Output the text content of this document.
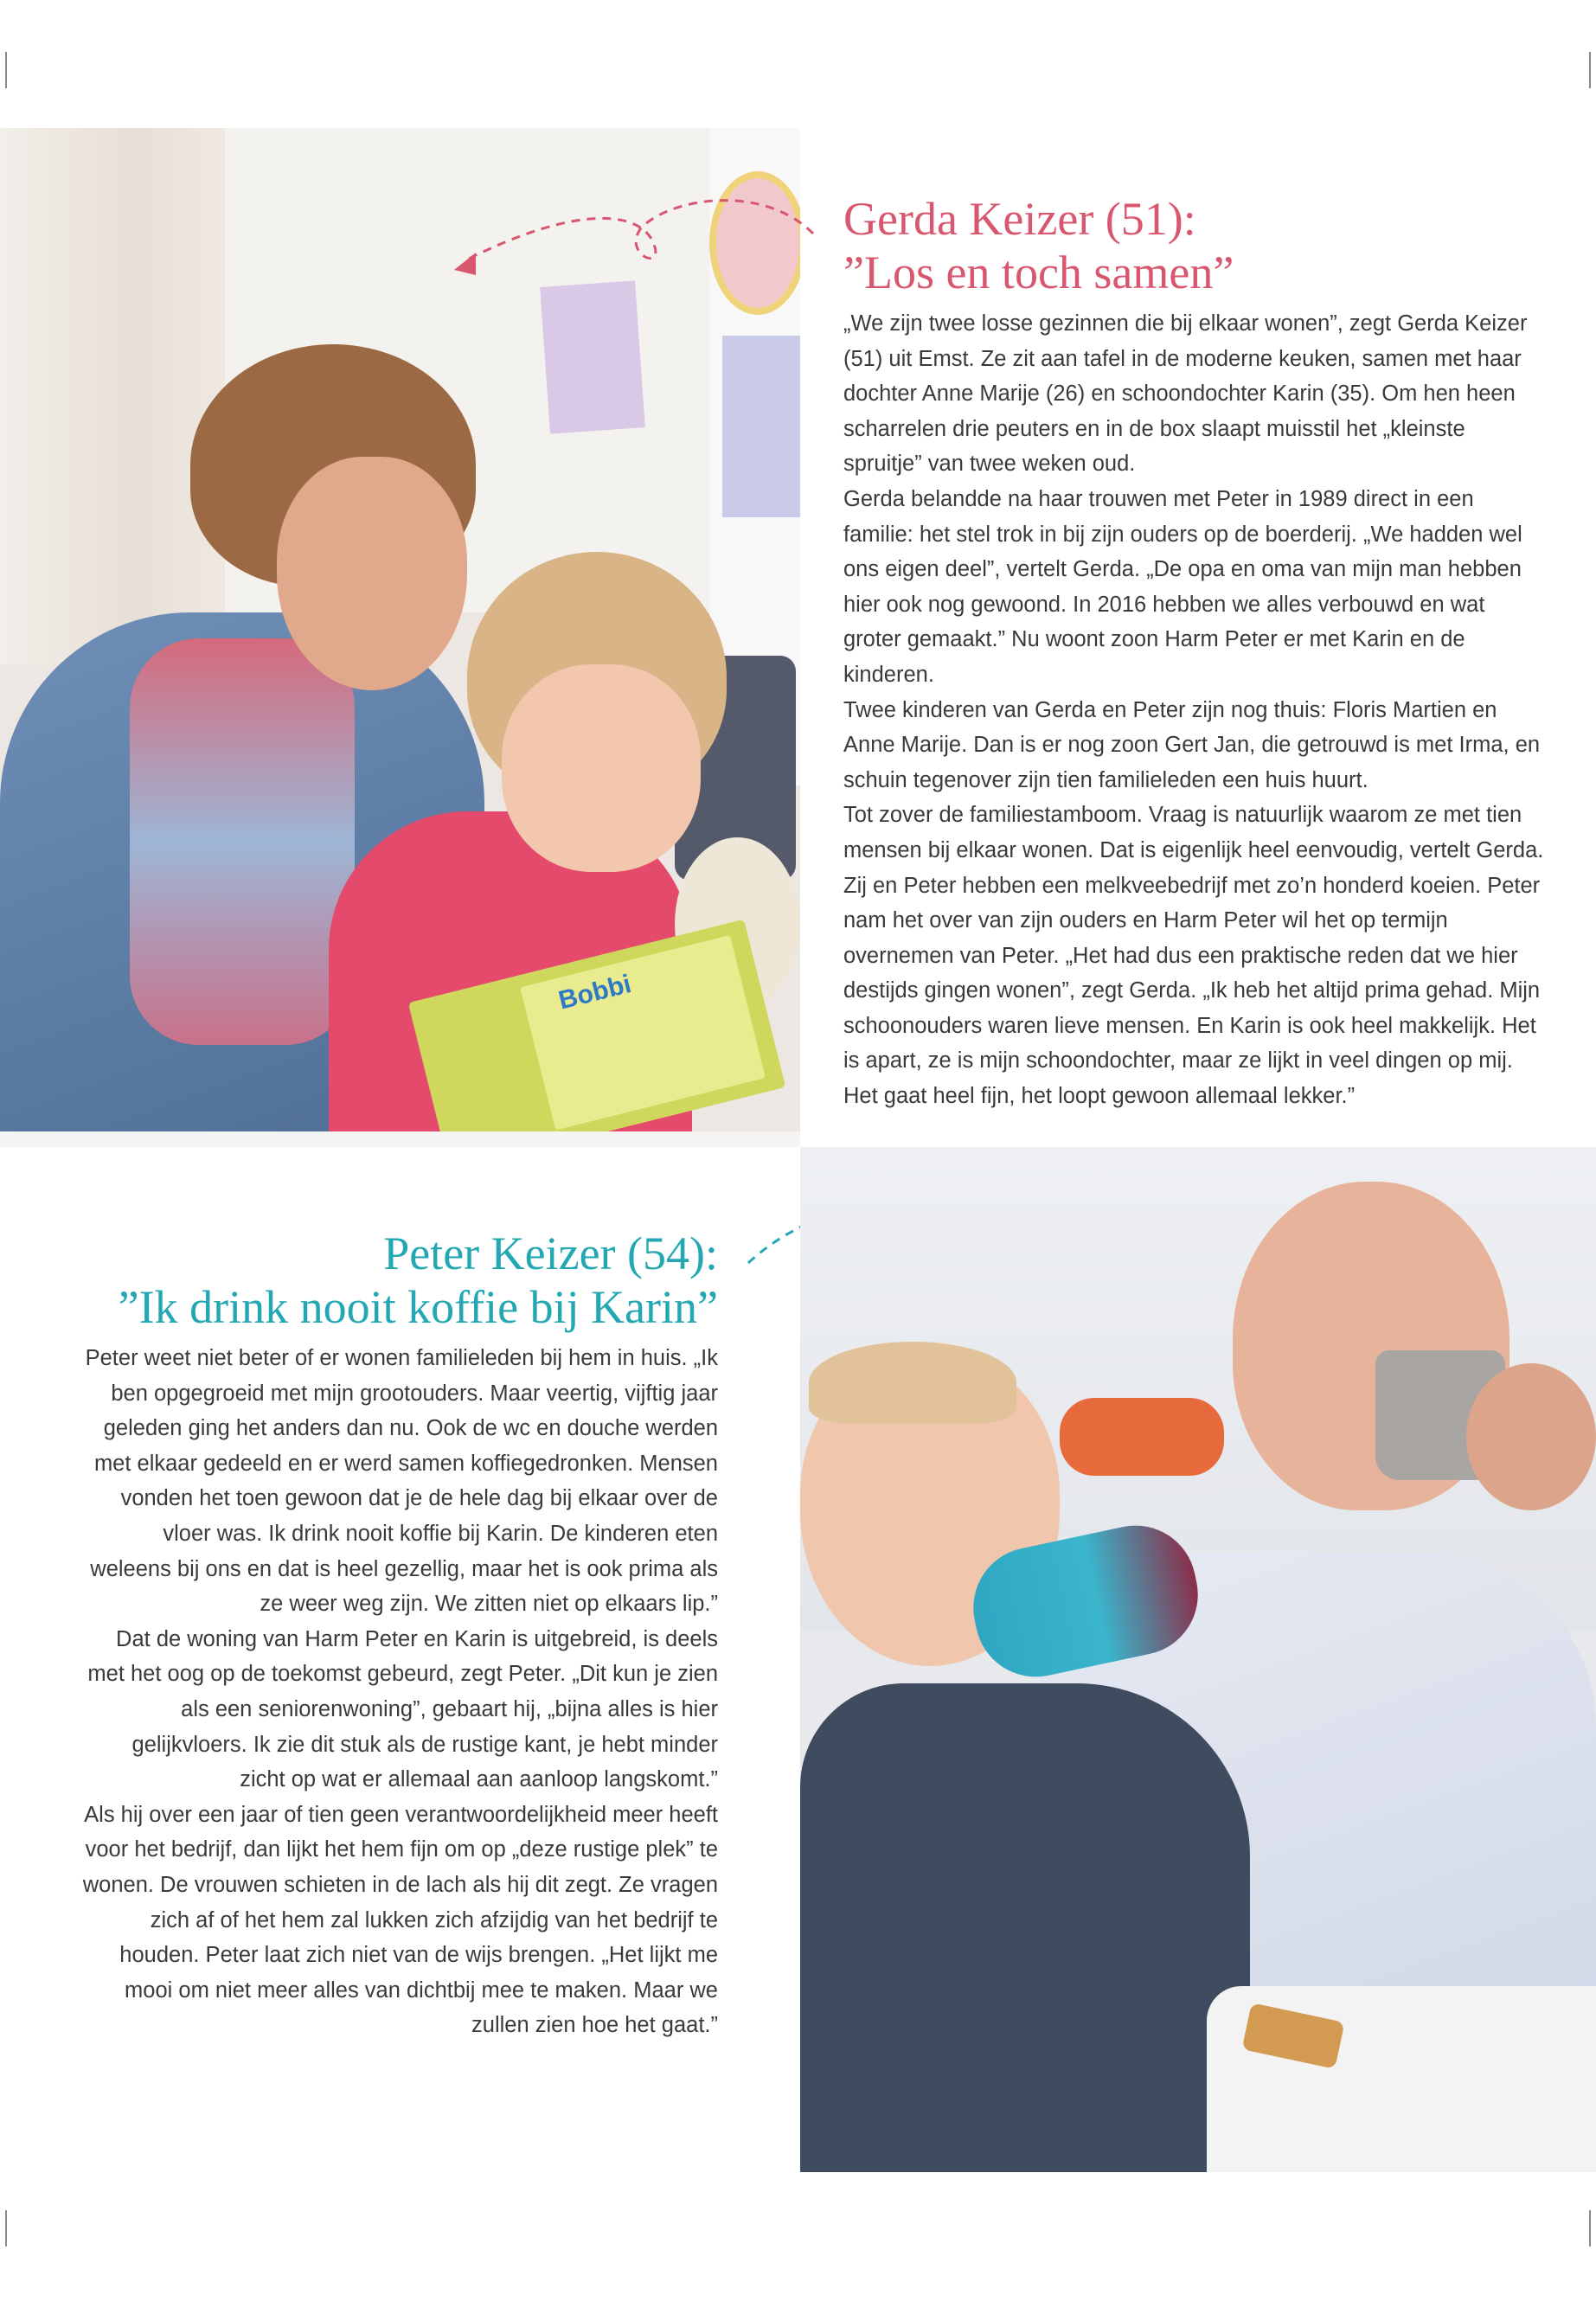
Bobbi
Gerda Keizer (51):
”Los en toch samen”

„We zijn twee losse gezinnen die bij elkaar wonen”, zegt Gerda Keizer (51) uit Emst. Ze zit aan tafel in de moderne keuken, samen met haar dochter Anne Marije (26) en schoondochter Karin (35). Om hen heen scharrelen drie peuters en in de box slaapt muisstil het „kleinste spruitje” van twee weken oud.

Gerda belandde na haar trouwen met Peter in 1989 direct in een familie: het stel trok in bij zijn ouders op de boerderij. „We hadden wel ons eigen deel”, vertelt Gerda. „De opa en oma van mijn man hebben hier ook nog gewoond. In 2016 hebben we alles verbouwd en wat groter gemaakt.” Nu woont zoon Harm Peter er met Karin en de kinderen.

Twee kinderen van Gerda en Peter zijn nog thuis: Floris Martien en Anne Marije. Dan is er nog zoon Gert Jan, die getrouwd is met Irma, en schuin tegenover zijn tien familieleden een huis huurt.

Tot zover de familiestamboom. Vraag is natuurlijk waarom ze met tien mensen bij elkaar wonen. Dat is eigenlijk heel eenvoudig, vertelt Gerda. Zij en Peter hebben een melkveebedrijf met zo’n honderd koeien. Peter nam het over van zijn ouders en Harm Peter wil het op termijn overnemen van Peter. „Het had dus een praktische reden dat we hier destijds gingen wonen”, zegt Gerda. „Ik heb het altijd prima gehad. Mijn schoonouders waren lieve mensen. En Karin is ook heel makkelijk. Het is apart, ze is mijn schoondochter, maar ze lijkt in veel dingen op mij. Het gaat heel fijn, het loopt gewoon allemaal lekker.”

Peter Keizer (54):
”Ik drink nooit koffie bij Karin”

Peter weet niet beter of er wonen familieleden bij hem in huis. „Ik ben opgegroeid met mijn grootouders. Maar veertig, vijftig jaar geleden ging het anders dan nu. Ook de wc en douche werden met elkaar gedeeld en er werd samen koffiegedronken. Mensen vonden het toen gewoon dat je de hele dag bij elkaar over de vloer was. Ik drink nooit koffie bij Karin. De kinderen eten weleens bij ons en dat is heel gezellig, maar het is ook prima als ze weer weg zijn. We zitten niet op elkaars lip.”

Dat de woning van Harm Peter en Karin is uitgebreid, is deels met het oog op de toekomst gebeurd, zegt Peter. „Dit kun je zien als een seniorenwoning”, gebaart hij, „bijna alles is hier gelijkvloers. Ik zie dit stuk als de rustige kant, je hebt minder zicht op wat er allemaal aan aanloop langskomt.”

Als hij over een jaar of tien geen verantwoordelijkheid meer heeft voor het bedrijf, dan lijkt het hem fijn om op „deze rustige plek” te wonen. De vrouwen schieten in de lach als hij dit zegt. Ze vragen zich af of het hem zal lukken zich afzijdig van het bedrijf te houden. Peter laat zich niet van de wijs brengen. „Het lijkt me mooi om niet meer alles van dichtbij mee te maken. Maar we zullen zien hoe het gaat.”
